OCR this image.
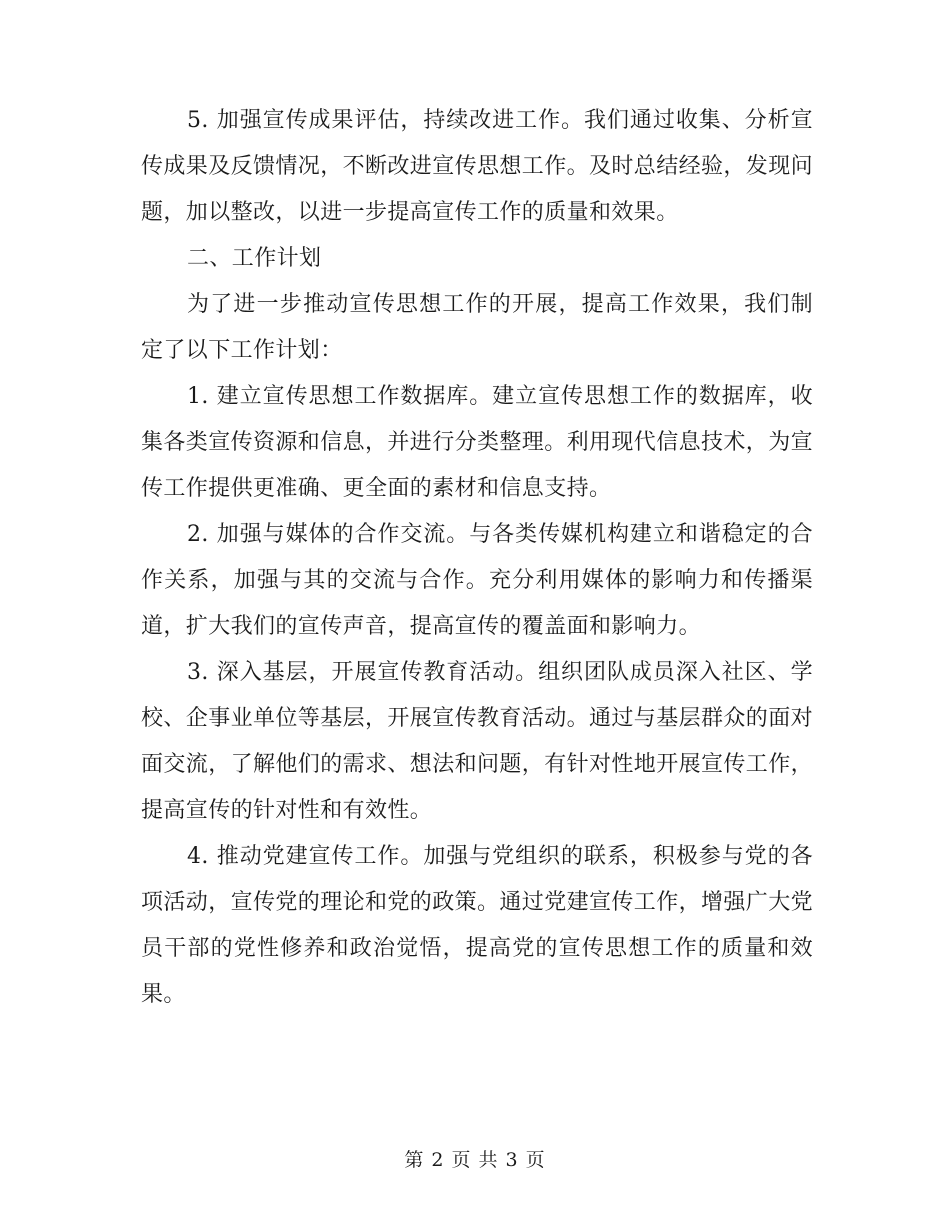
5. 加强宣传成果评估，持续改进工作。我们通过收集、分析宣传成果及反馈情况，不断改进宣传思想工作。及时总结经验，发现问题，加以整改，以进一步提高宣传工作的质量和效果。

二、工作计划

为了进一步推动宣传思想工作的开展，提高工作效果，我们制定了以下工作计划：

1. 建立宣传思想工作数据库。建立宣传思想工作的数据库，收集各类宣传资源和信息，并进行分类整理。利用现代信息技术，为宣传工作提供更准确、更全面的素材和信息支持。

2. 加强与媒体的合作交流。与各类传媒机构建立和谐稳定的合作关系，加强与其的交流与合作。充分利用媒体的影响力和传播渠道，扩大我们的宣传声音，提高宣传的覆盖面和影响力。

3. 深入基层，开展宣传教育活动。组织团队成员深入社区、学校、企事业单位等基层，开展宣传教育活动。通过与基层群众的面对面交流，了解他们的需求、想法和问题，有针对性地开展宣传工作，提高宣传的针对性和有效性。

4. 推动党建宣传工作。加强与党组织的联系，积极参与党的各项活动，宣传党的理论和党的政策。通过党建宣传工作，增强广大党员干部的党性修养和政治觉悟，提高党的宣传思想工作的质量和效果。

第 2 页 共 3 页
